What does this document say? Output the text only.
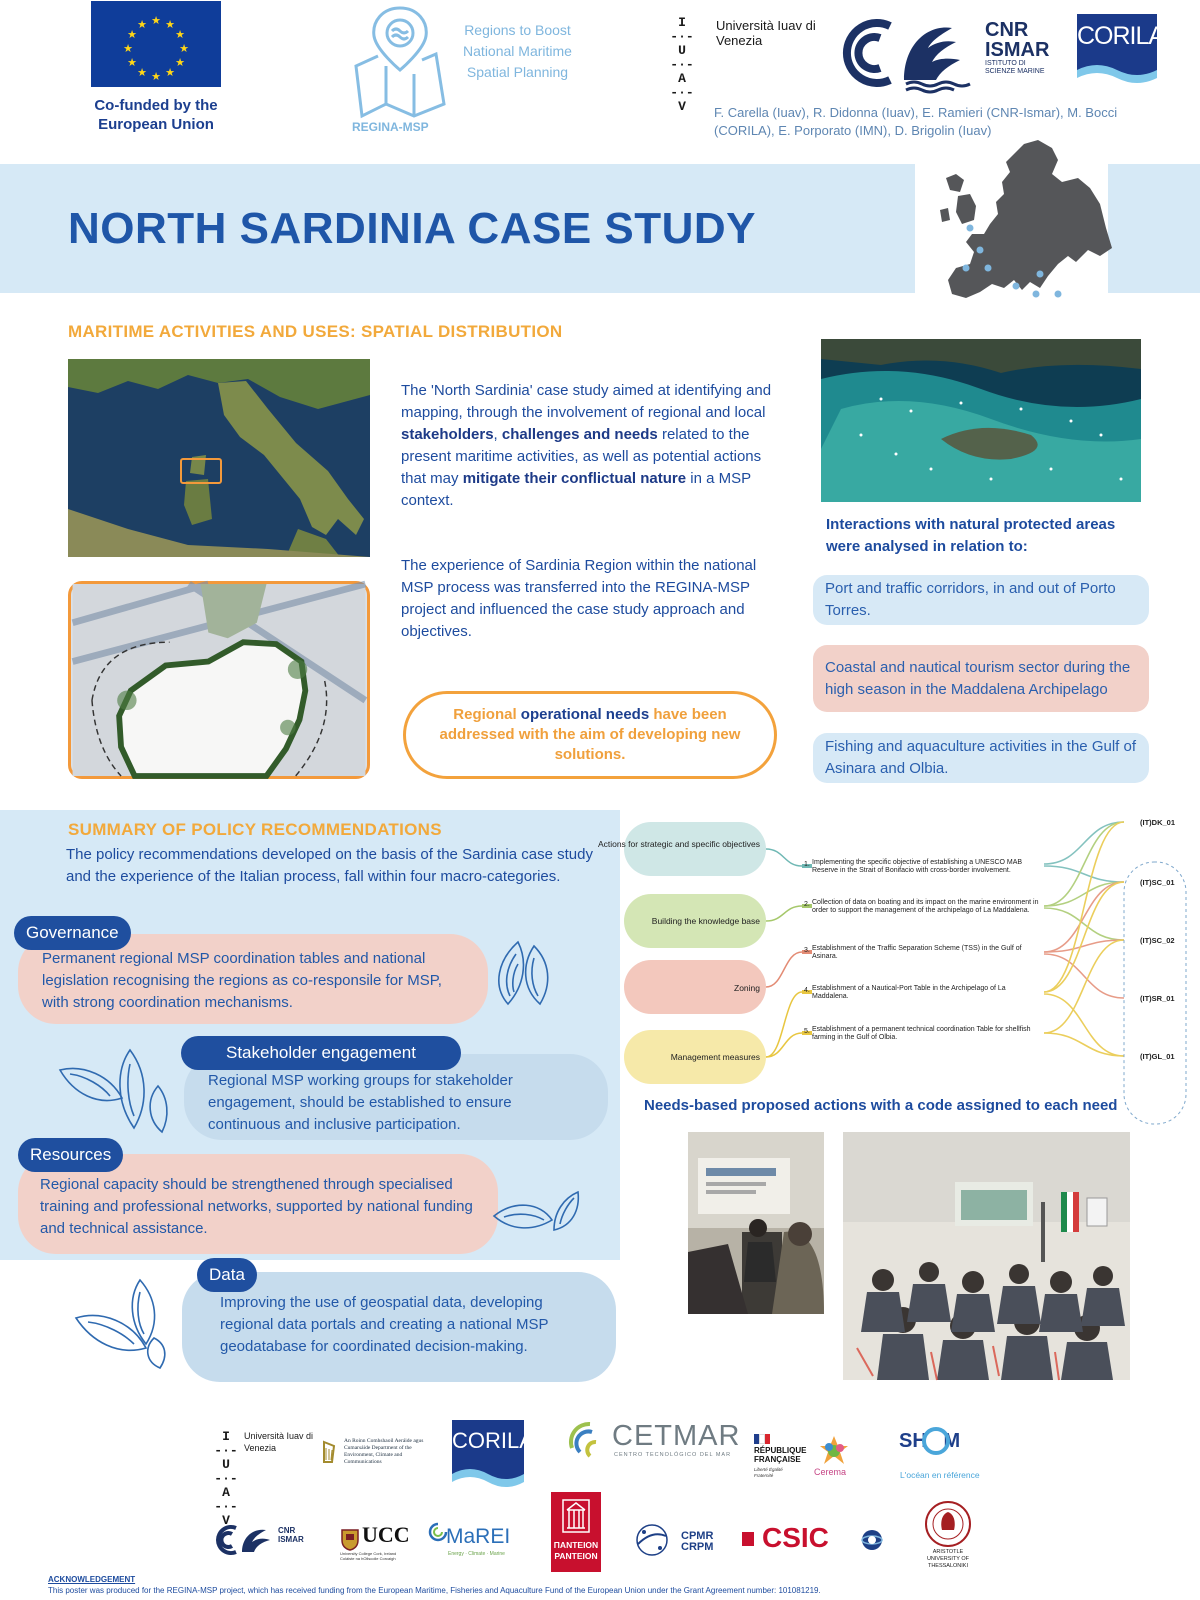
★ ★
★
★
★
★
★
★
★
★
★
★
Co-funded by the European Union	REGINA-MSP
Regions to Boost National Maritime Spatial Planning
I
-·-
U
-·-
A
-·-
V
Università Iuav di Venezia	CNR ISMAR
ISTITUTO DI SCIENZE MARINE
CORILA
F. Carella (Iuav), R. Didonna (Iuav), E. Ramieri (CNR-Ismar), M. Bocci (CORILA), E. Porporato (IMN), D. Brigolin (Iuav)
NORTH SARDINIA CASE STUDY
MARITIME ACTIVITIES AND USES: SPATIAL DISTRIBUTION

The 'North Sardinia' case study aimed at identifying and mapping, through the involvement of regional and local stakeholders, challenges and needs related to the present maritime activities, as well as potential actions that may mitigate their conflictual nature in a MSP context.

The experience of Sardinia Region within the national MSP process was transferred into the REGINA-MSP project and influenced the case study approach and objectives.

Regional operational needs have been addressed with the aim of developing new solutions.
Interactions with natural protected areas were analysed in relation to:
Port and traffic corridors, in and out of Porto Torres.
Coastal and nautical tourism sector during the high season in the Maddalena Archipelago
Fishing and aquaculture activities in the Gulf of Asinara and Olbia.
SUMMARY OF POLICY RECOMMENDATIONS
The policy recommendations developed on the basis of the Sardinia case study and the experience of the Italian process, fall within four macro-categories.
Permanent regional MSP coordination tables and national legislation recognising the regions as co-responsile for MSP, with strong coordination mechanisms.
Governance
Regional MSP working groups for stakeholder engagement, should be established to ensure continuous and inclusive participation.
Stakeholder engagement
Regional capacity should be strengthened through specialised training and professional networks, supported by national funding and technical assistance.
Resources
Improving the use of geospatial data, developing regional data portals and creating a national MSP geodatabase for coordinated decision-making.
Data
Actions for strategic and specific objectives
Building the knowledge base
Zoning
Management measures
1.
2.
3.
4.
5.
Implementing the specific objective of establishing a UNESCO MAB Reserve in the Strait of Bonifacio with cross-border involvement.
Collection of data on boating and its impact on the marine environment in order to support the management of the archipelago of La Maddalena.
Establishment of the Traffic Separation Scheme (TSS) in the Gulf of Asinara.
Establishment of a Nautical-Port Table in the Archipelago of La Maddalena.
Establishment of a permanent technical coordination Table for shellfish farming in the Gulf of Olbia.
(IT)DK_01
(IT)SC_01
(IT)SC_02
(IT)SR_01
(IT)GL_01
Needs-based proposed actions with a code assigned to each need
I
-·-
U
-·-
A
-·-
V
Università Iuav di Venezia
An Roinn Comhshaoil Aeráide agus Cumarsáide Department of the Environment, Climate and Communications
CORILA	CETMAR
CENTRO TECNOLÓGICO DEL MAR	RÉPUBLIQUE FRANÇAISE
Liberté Égalité Fraternité	Cerema
SH   M
L'océan en référence
CNR ISMAR	UCC
University College Cork, Ireland Coláiste na hOllscoile Corcaigh
MaREI
Energy · Climate · Marine
ΠΑΝΤΕΙΟΝ PANTEION
CPMR CRPM CSIC	ARISTOTLE UNIVERSITY OF THESSALONIKI
ACKNOWLEDGEMENT
This poster was produced for the REGINA-MSP project, which has received funding from the European Maritime, Fisheries and Aquaculture Fund of the European Union under the Grant Agreement number: 101081219.
